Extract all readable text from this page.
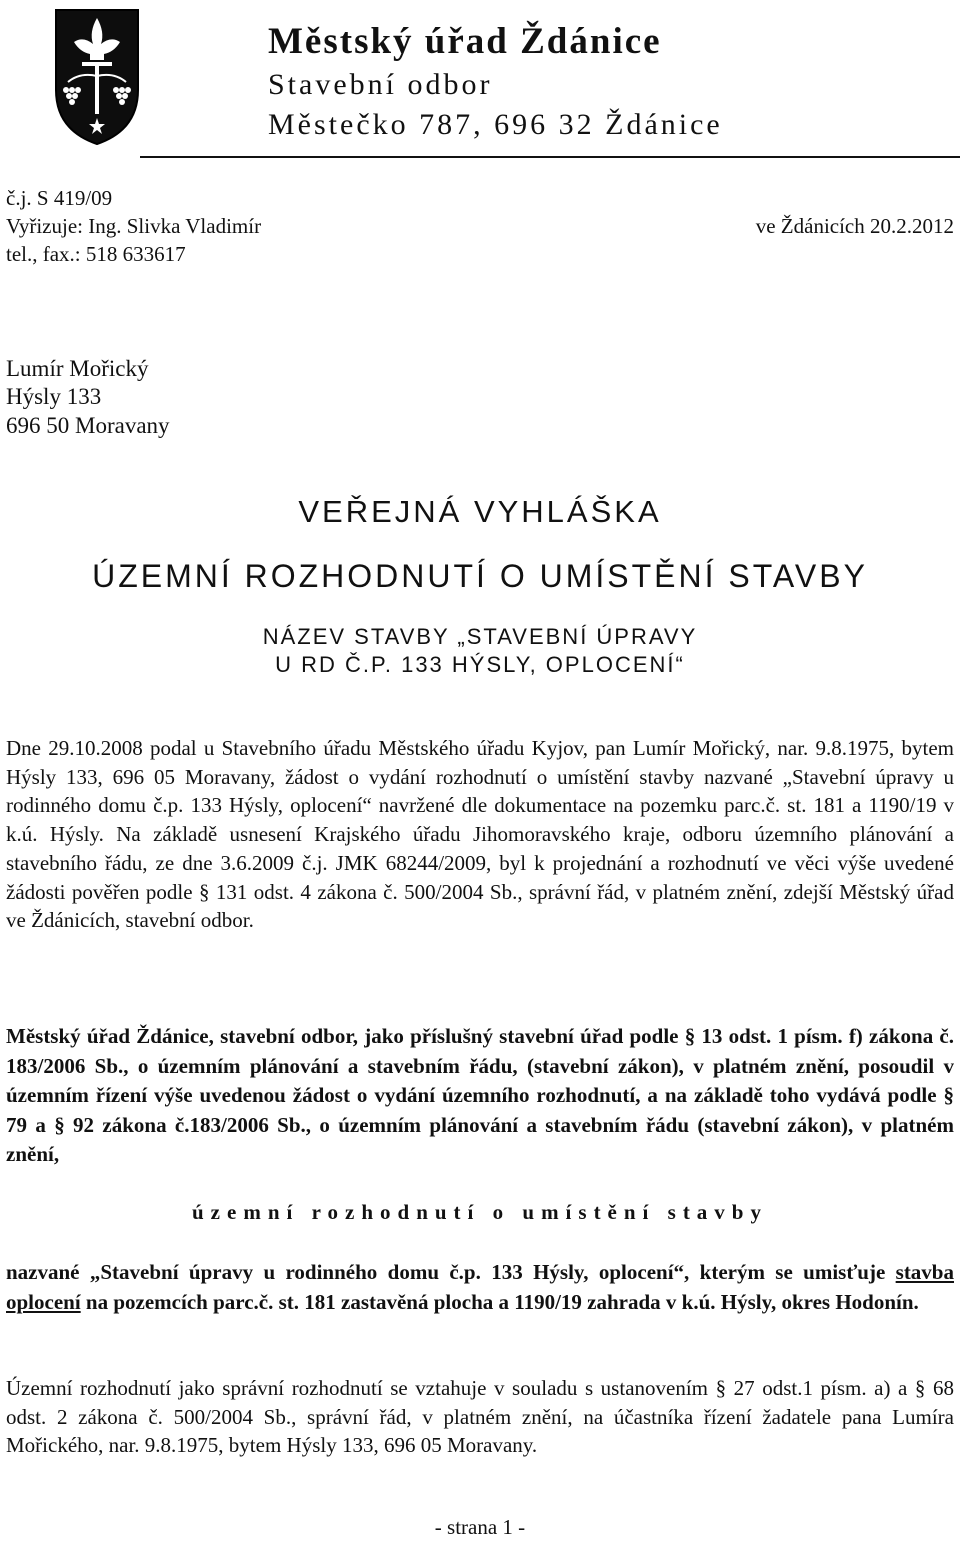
Městský úřad Ždánice
Stavební odbor
Městečko 787, 696 32 Ždánice
č.j. S 419/09
Vyřizuje: Ing. Slivka Vladimír
tel., fax.: 518 633617
ve Ždánicích 20.2.2012
Lumír Mořický
Hýsly 133
696 50 Moravany
VEŘEJNÁ VYHLÁŠKA
ÚZEMNÍ ROZHODNUTÍ O UMÍSTĚNÍ STAVBY
NÁZEV STAVBY „STAVEBNÍ ÚPRAVY
U RD Č.P. 133 HÝSLY, OPLOCENÍ“
Dne 29.10.2008 podal u Stavebního úřadu Městského úřadu Kyjov, pan Lumír Mořický, nar. 9.8.1975, bytem Hýsly 133, 696 05 Moravany, žádost o vydání rozhodnutí o umístění stavby nazvané „Stavební úpravy u rodinného domu č.p. 133 Hýsly, oplocení“ navržené dle dokumentace na pozemku parc.č. st. 181 a 1190/19 v k.ú. Hýsly. Na základě usnesení Krajského úřadu Jihomoravského kraje, odboru územního plánování a stavebního řádu, ze dne 3.6.2009 č.j. JMK 68244/2009, byl k projednání a rozhodnutí ve věci výše uvedené žádosti pověřen podle § 131 odst. 4 zákona č. 500/2004 Sb., správní řád, v platném znění, zdejší Městský úřad ve Ždánicích, stavební odbor.
Městský úřad Ždánice, stavební odbor, jako příslušný stavební úřad podle § 13 odst. 1 písm. f) zákona č. 183/2006 Sb., o územním plánování a stavebním řádu, (stavební zákon), v platném znění, posoudil v územním řízení výše uvedenou žádost o vydání územního rozhodnutí, a na základě toho vydává podle § 79 a § 92 zákona č.183/2006 Sb., o územním plánování a stavebním řádu (stavební zákon), v platném znění,
územní rozhodnutí o umístění stavby
nazvané „Stavební úpravy u rodinného domu č.p. 133 Hýsly, oplocení“, kterým se umisťuje stavba oplocení na pozemcích parc.č. st. 181 zastavěná plocha a 1190/19 zahrada v k.ú. Hýsly, okres Hodonín.
Územní rozhodnutí jako správní rozhodnutí se vztahuje v souladu s ustanovením § 27 odst.1 písm. a) a § 68 odst. 2 zákona č. 500/2004 Sb., správní řád, v platném znění, na účastníka řízení žadatele pana Lumíra Mořického, nar. 9.8.1975, bytem Hýsly 133, 696 05 Moravany.
- strana 1 -
